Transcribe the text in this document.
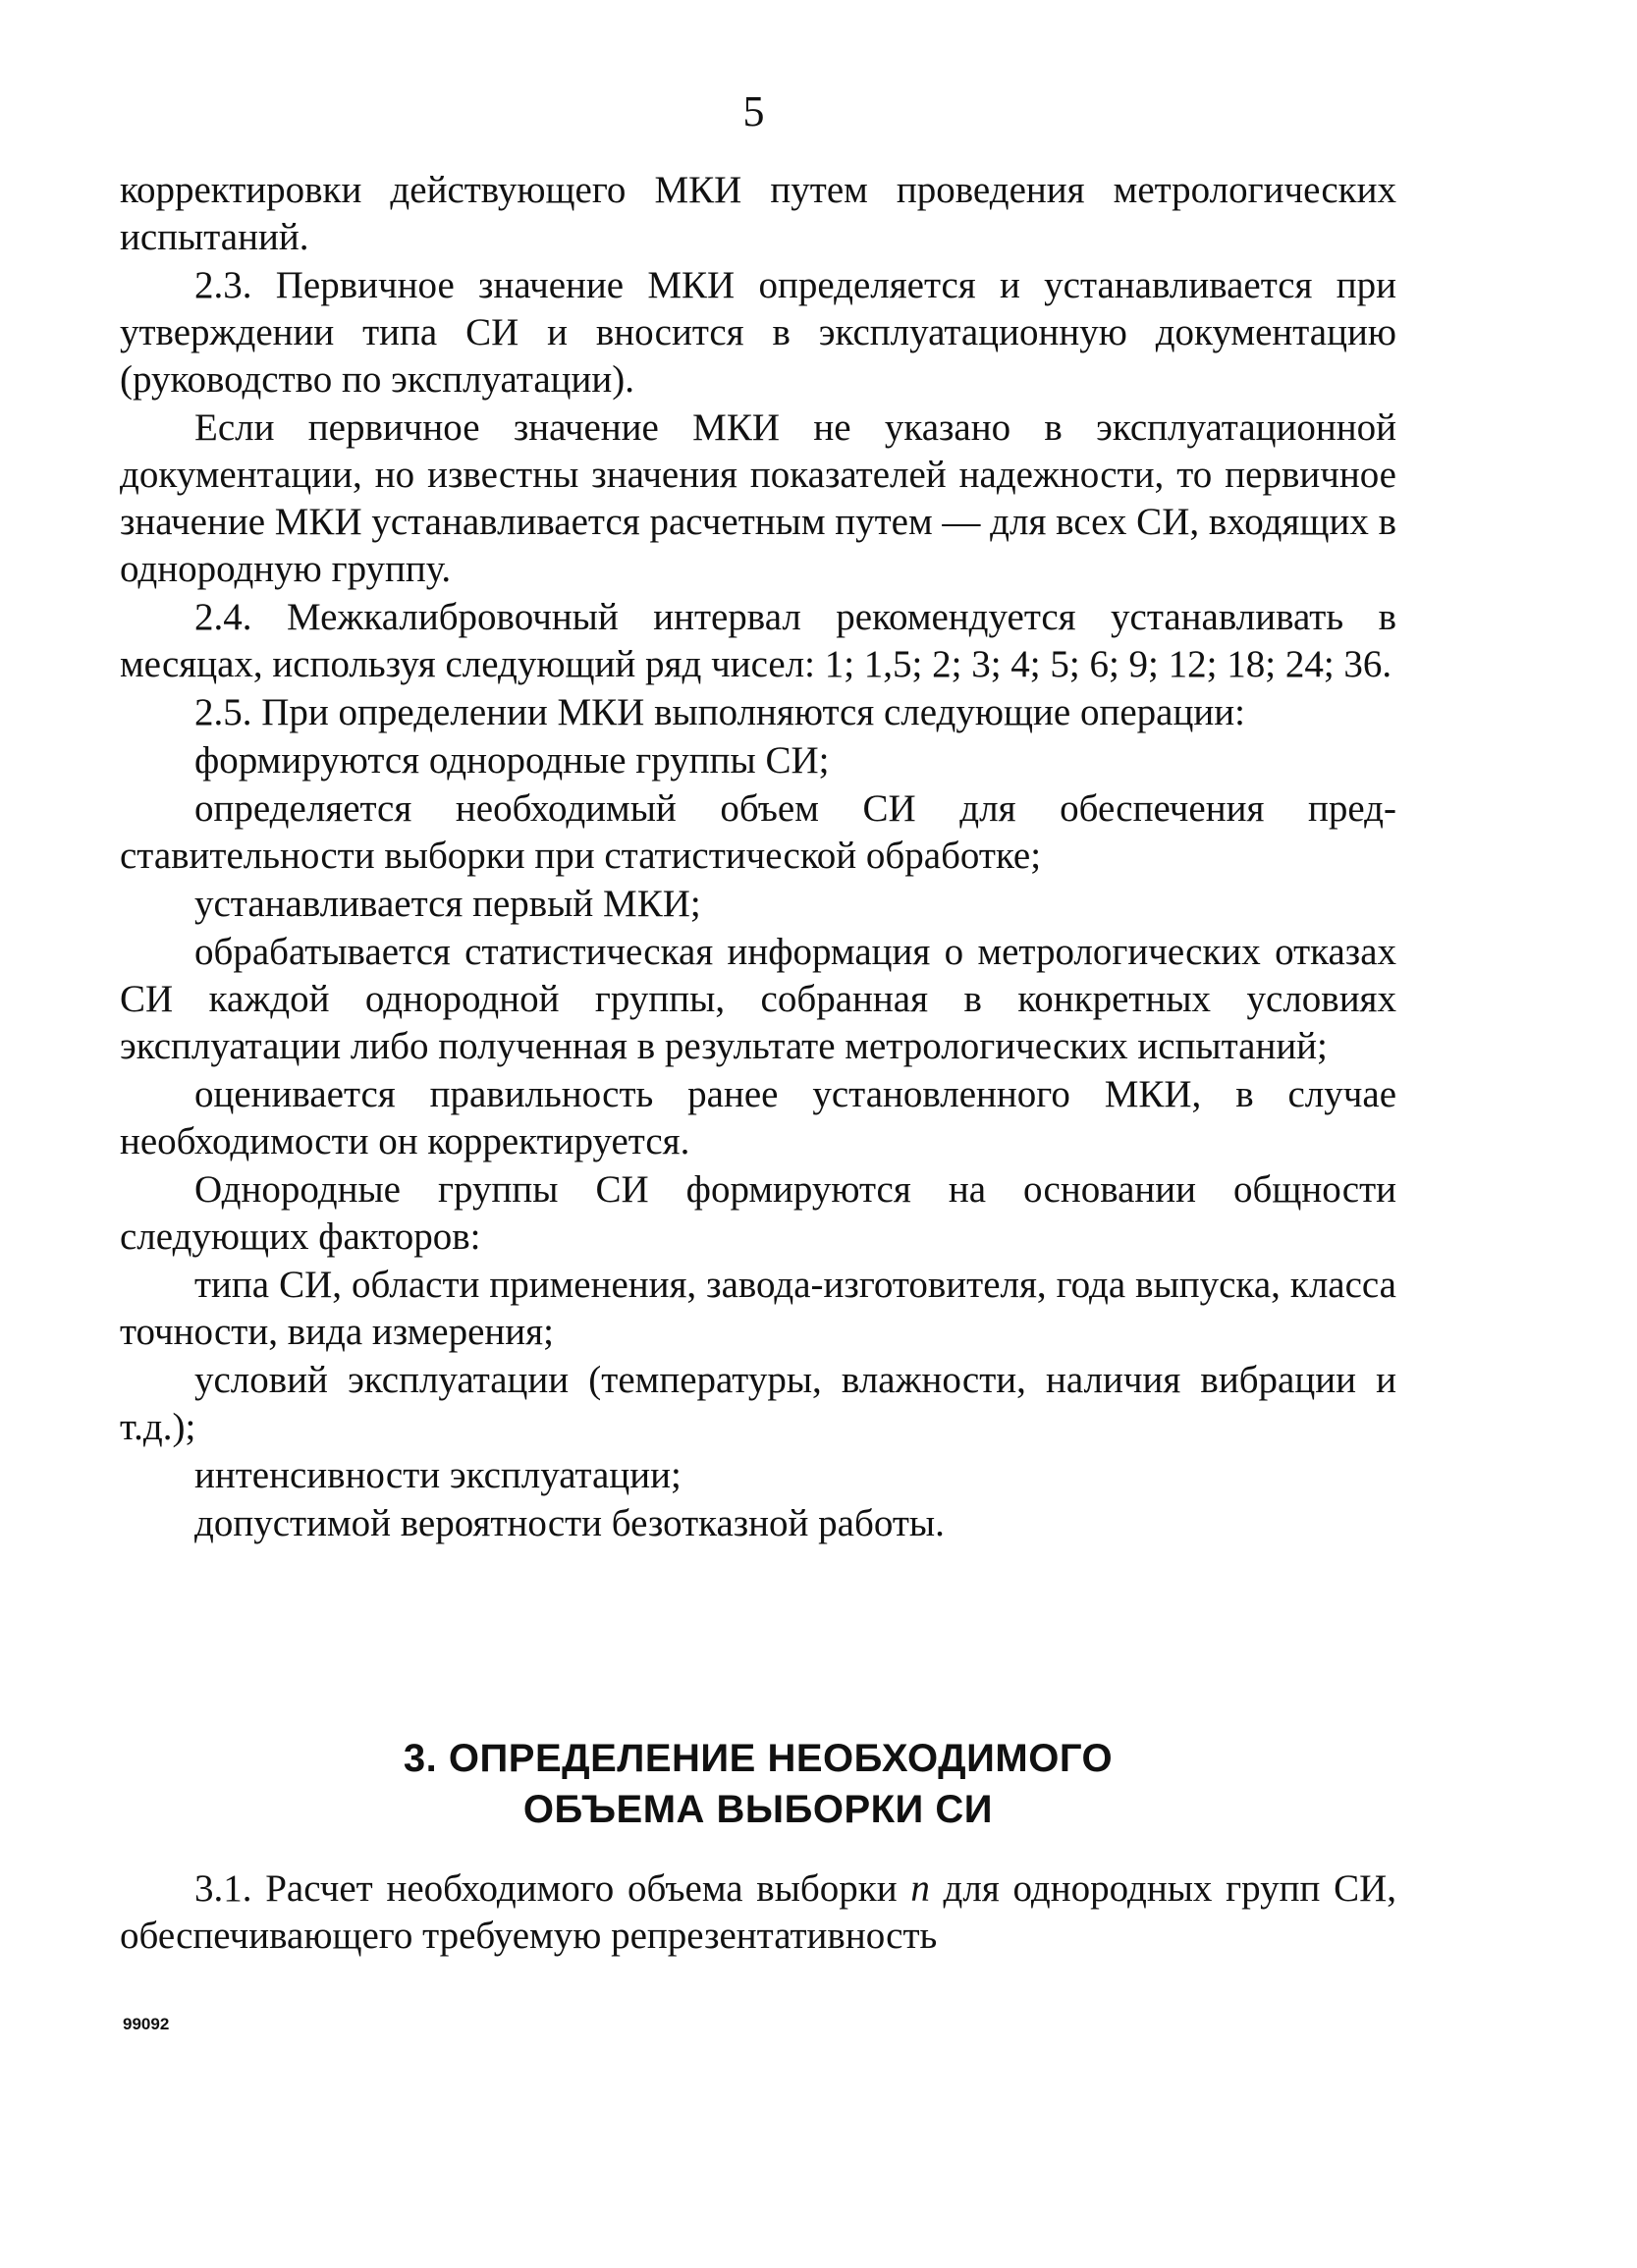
5

корректировки действующего МКИ путем проведения метрологических испытаний.

2.3. Первичное значение МКИ определяется и устанавливается при утверждении типа СИ и вносится в эксплуатационную документацию (руководство по эксплуатации).

Если первичное значение МКИ не указано в эксплуатационной документации, но известны значения показателей надежности, то первичное значение МКИ устанавливается расчетным путем — для всех СИ, входящих в однородную группу.

2.4. Межкалибровочный интервал рекомендуется устанавливать в месяцах, используя следующий ряд чисел: 1; 1,5; 2; 3; 4; 5; 6; 9; 12; 18; 24; 36.

2.5. При определении МКИ выполняются следующие операции:

формируются однородные группы СИ;

определяется необходимый объем СИ для обеспечения представительности выборки при статистической обработке;

устанавливается первый МКИ;

обрабатывается статистическая информация о метрологических отказах СИ каждой однородной группы, собранная в конкретных условиях эксплуатации либо полученная в результате метрологических испытаний;

оценивается правильность ранее установленного МКИ, в случае необходимости он корректируется.

Однородные группы СИ формируются на основании общности следующих факторов:

типа СИ, области применения, завода-изготовителя, года выпуска, класса точности, вида измерения;

условий эксплуатации (температуры, влажности, наличия вибрации и т.д.);

интенсивности эксплуатации;

допустимой вероятности безотказной работы.

3. ОПРЕДЕЛЕНИЕ НЕОБХОДИМОГО
ОБЪЕМА ВЫБОРКИ СИ

3.1. Расчет необходимого объема выборки n для однородных групп СИ, обеспечивающего требуемую репрезентативность

99092
